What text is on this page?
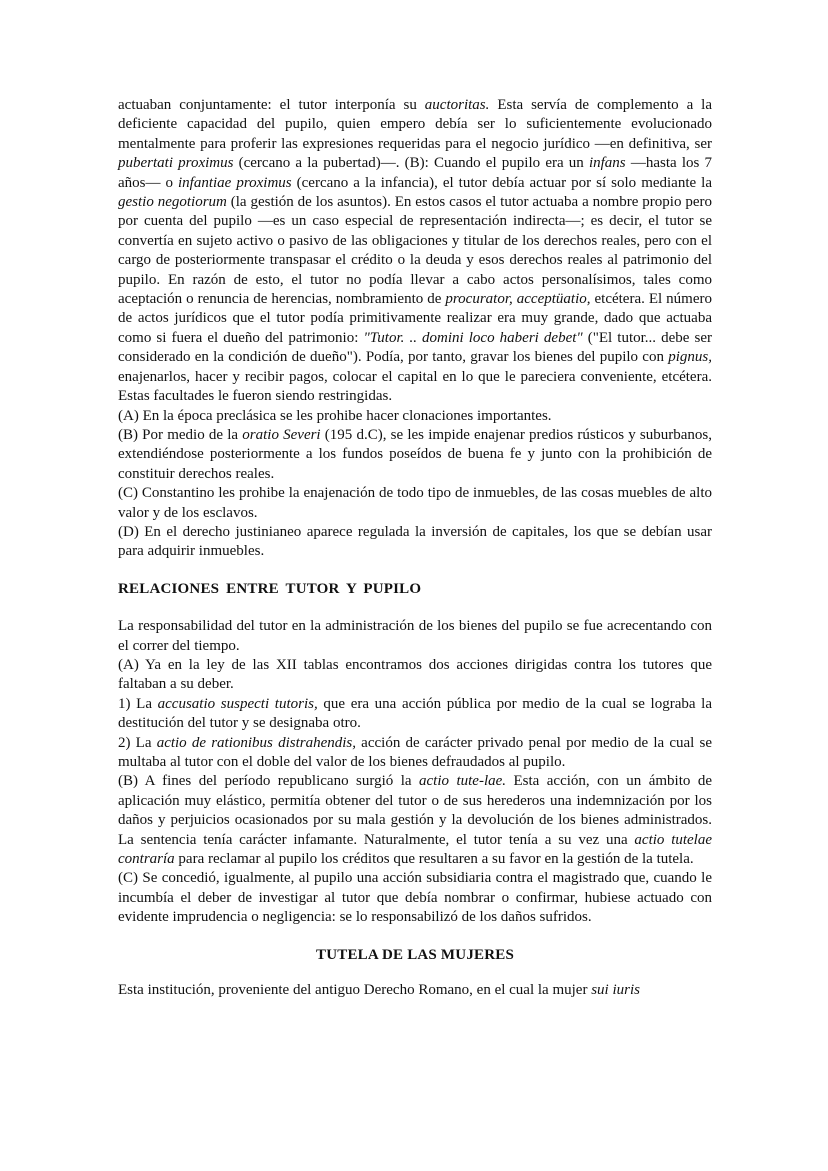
actuaban conjuntamente: el tutor interponía su auctoritas. Esta servía de complemento a la deficiente capacidad del pupilo, quien empero debía ser lo suficientemente evolucionado mentalmente para proferir las expresiones requeridas para el negocio jurídico —en definitiva, ser pubertati proximus (cercano a la pubertad)—. (B): Cuando el pupilo era un infans —hasta los 7 años— o infantiae proximus (cercano a la infancia), el tutor debía actuar por sí solo mediante la gestio negotiorum (la gestión de los asuntos). En estos casos el tutor actuaba a nombre propio pero por cuenta del pupilo —es un caso especial de representación indirecta—; es decir, el tutor se convertía en sujeto activo o pasivo de las obligaciones y titular de los derechos reales, pero con el cargo de posteriormente transpasar el crédito o la deuda y esos derechos reales al patrimonio del pupilo. En razón de esto, el tutor no podía llevar a cabo actos personalísimos, tales como aceptación o renuncia de herencias, nombramiento de procurator, acceptüatio, etcétera. El número de actos jurídicos que el tutor podía primitivamente realizar era muy grande, dado que actuaba como si fuera el dueño del patrimonio: "Tutor. .. domini loco haberi debet" ("El tutor... debe ser considerado en la condición de dueño"). Podía, por tanto, gravar los bienes del pupilo con pignus, enajenarlos, hacer y recibir pagos, colocar el capital en lo que le pareciera conveniente, etcétera. Estas facultades le fueron siendo restringidas.

(A) En la época preclásica se les prohibe hacer clonaciones importantes.

(B) Por medio de la oratio Severi (195 d.C), se les impide enajenar predios rústicos y suburbanos, extendiéndose posteriormente a los fundos poseídos de buena fe y junto con la prohibición de constituir derechos reales.

(C) Constantino les prohibe la enajenación de todo tipo de inmuebles, de las cosas muebles de alto valor y de los esclavos.

(D) En el derecho justinianeo aparece regulada la inversión de capitales, los que se debían usar para adquirir inmuebles.

RELACIONES ENTRE TUTOR Y PUPILO

La responsabilidad del tutor en la administración de los bienes del pupilo se fue acrecentando con el correr del tiempo.

(A) Ya en la ley de las XII tablas encontramos dos acciones dirigidas contra los tutores que faltaban a su deber.

1) La accusatio suspecti tutoris, que era una acción pública por medio de la cual se lograba la destitución del tutor y se designaba otro.

2) La actio de rationibus distrahendis, acción de carácter privado penal por medio de la cual se multaba al tutor con el doble del valor de los bienes defraudados al pupilo.

(B) A fines del período republicano surgió la actio tute-lae. Esta acción, con un ámbito de aplicación muy elástico, permitía obtener del tutor o de sus herederos una indemnización por los daños y perjuicios ocasionados por su mala gestión y la devolución de los bienes administrados. La sentencia tenía carácter infamante. Naturalmente, el tutor tenía a su vez una actio tutelae contraría para reclamar al pupilo los créditos que resultaren a su favor en la gestión de la tutela.

(C) Se concedió, igualmente, al pupilo una acción subsidiaria contra el magistrado que, cuando le incumbía el deber de investigar al tutor que debía nombrar o confirmar, hubiese actuado con evidente imprudencia o negligencia: se lo responsabilizó de los daños sufridos.

TUTELA DE LAS MUJERES

Esta institución, proveniente del antiguo Derecho Romano, en el cual la mujer sui iuris
